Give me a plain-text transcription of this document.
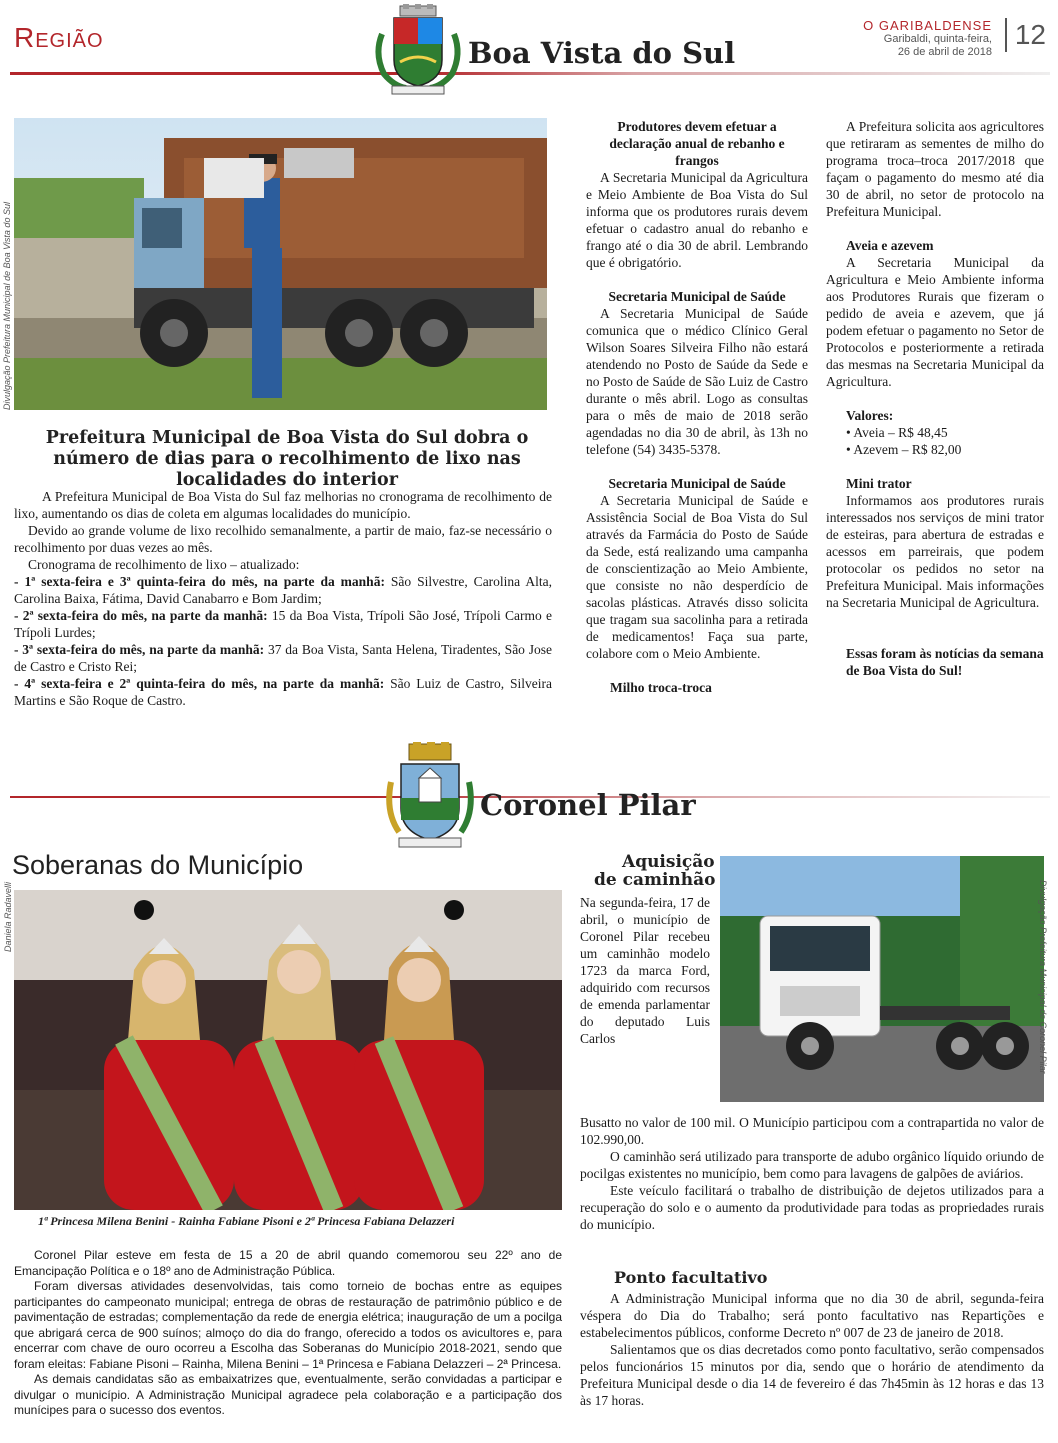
Região	Boa Vista do Sul
O GARIBALDENSE
Garibaldi, quinta-feira,
26 de abril de 2018
12
Divulgação Prefeitura Municipal de Boa Vista do Sul
Prefeitura Municipal de Boa Vista do Sul dobra o número de dias para o recolhimento de lixo nas localidades do interior

A Prefeitura Municipal de Boa Vista do Sul faz melhorias no cronograma de recolhimento de lixo, aumentando os dias de coleta em algumas localidades do município.

Devido ao grande volume de lixo recolhido semanalmente, a partir de maio, faz-se necessário o recolhimento por duas vezes ao mês.

Cronograma de recolhimento de lixo – atualizado:

- 1ª sexta-feira e 3ª quinta-feira do mês, na parte da manhã: São Silvestre, Carolina Alta, Carolina Baixa, Fátima, David Canabarro e Bom Jardim;

- 2ª sexta-feira do mês, na parte da manhã: 15 da Boa Vista, Trípoli São José, Trípoli Carmo e Trípoli Lurdes;

- 3ª sexta-feira do mês, na parte da manhã: 37 da Boa Vista, Santa Helena, Tiradentes, São Jose de Castro e Cristo Rei;

- 4ª sexta-feira e 2ª quinta-feira do mês, na parte da manhã: São Luiz de Castro, Silveira Martins e São Roque de Castro.

Produtores devem efetuar a declaração anual de rebanho e frangos

A Secretaria Municipal da Agricultura e Meio Ambiente de Boa Vista do Sul informa que os produtores rurais devem efetuar o cadastro anual do rebanho e frango até o dia 30 de abril. Lembrando que é obrigatório.

Secretaria Municipal de Saúde

A Secretaria Municipal de Saúde comunica que o médico Clínico Geral Wilson Soares Silveira Filho não estará atendendo no Posto de Saúde da Sede e no Posto de Saúde de São Luiz de Castro durante o mês abril. Logo as consultas para o mês de maio de 2018 serão agendadas no dia 30 de abril, às 13h no telefone (54) 3435-5378.

Secretaria Municipal de Saúde

A Secretaria Municipal de Saúde e Assistência Social de Boa Vista do Sul através da Farmácia do Posto de Saúde da Sede, está realizando uma campanha de conscientização ao Meio Ambiente, que consiste no não desperdício de sacolas plásticas. Através disso solicita que tragam sua sacolinha para a retirada de medicamentos! Faça sua parte, colabore com o Meio Ambiente.

Milho troca-troca

A Prefeitura solicita aos agricultores que retiraram as sementes de milho do programa troca–troca 2017/2018 que façam o pagamento do mesmo até dia 30 de abril, no setor de protocolo na Prefeitura Municipal.

Aveia e azevem

A Secretaria Municipal da Agricultura e Meio Ambiente informa aos Produtores Rurais que fizeram o pedido de aveia e azevem, que já podem efetuar o pagamento no Setor de Protocolos e posteriormente a retirada das mesmas na Secretaria Municipal da Agricultura.

Valores:

• Aveia – R$ 48,45

• Azevem – R$ 82,00

Mini trator

Informamos aos produtores rurais interessados nos serviços de mini trator de esteiras, para abertura de estradas e acessos em parreirais, que podem protocolar os pedidos no setor na Prefeitura Municipal. Mais informações na Secretaria Municipal de Agricultura.

Essas foram às notícias da semana de Boa Vista do Sul!

Coronel Pilar
Soberanas do Município
Daniela Radavelli
1ª Princesa Milena Benini - Rainha Fabiane Pisoni e 2ª Princesa Fabiana Delazzeri

Coronel Pilar esteve em festa de 15 a 20 de abril quando comemorou seu 22º ano de Emancipação Política e o 18º ano de Administração Pública.

Foram diversas atividades desenvolvidas, tais como torneio de bochas entre as equipes participantes do campeonato municipal; entrega de obras de restauração de patrimônio público e de pavimentação de estradas; complementação da rede de energia elétrica; inauguração de um a pocilga que abrigará cerca de 900 suínos; almoço do dia do frango, oferecido a todos os avicultores e, para encerrar com chave de ouro ocorreu a Escolha das Soberanas do Município 2018-2021, sendo que foram eleitas: Fabiane Pisoni – Rainha, Milena Benini – 1ª Princesa e Fabiana Delazzeri – 2ª Princesa.

As demais candidatas são as embaixatrizes que, eventualmente, serão convidadas a participar e divulgar o município. A Administração Municipal agradece pela colaboração e a participação dos munícipes para o sucesso dos eventos.

Aquisição
de caminhão	Divulgação Prefeitura Municipal de Coronel Pilar
Na segunda-feira, 17 de abril, o município de Coronel Pilar recebeu um caminhão modelo 1723 da marca Ford, adquirido com recursos de emenda parlamentar do deputado Luis Carlos

Busatto no valor de 100 mil. O Município participou com a contrapartida no valor de 102.990,00.

O caminhão será utilizado para transporte de adubo orgânico líquido oriundo de pocilgas existentes no município, bem como para lavagens de galpões de aviários.

Este veículo facilitará o trabalho de distribuição de dejetos utilizados para a recuperação do solo e o aumento da produtividade para todas as propriedades rurais do município.

Ponto facultativo

A Administração Municipal informa que no dia 30 de abril, segunda-feira véspera do Dia do Trabalho; será ponto facultativo nas Repartições e estabelecimentos públicos, conforme Decreto nº 007 de 23 de janeiro de 2018.

Salientamos que os dias decretados como ponto facultativo, serão compensados pelos funcionários 15 minutos por dia, sendo que o horário de atendimento da Prefeitura Municipal desde o dia 14 de fevereiro é das 7h45min às 12 horas e das 13 às 17 horas.
